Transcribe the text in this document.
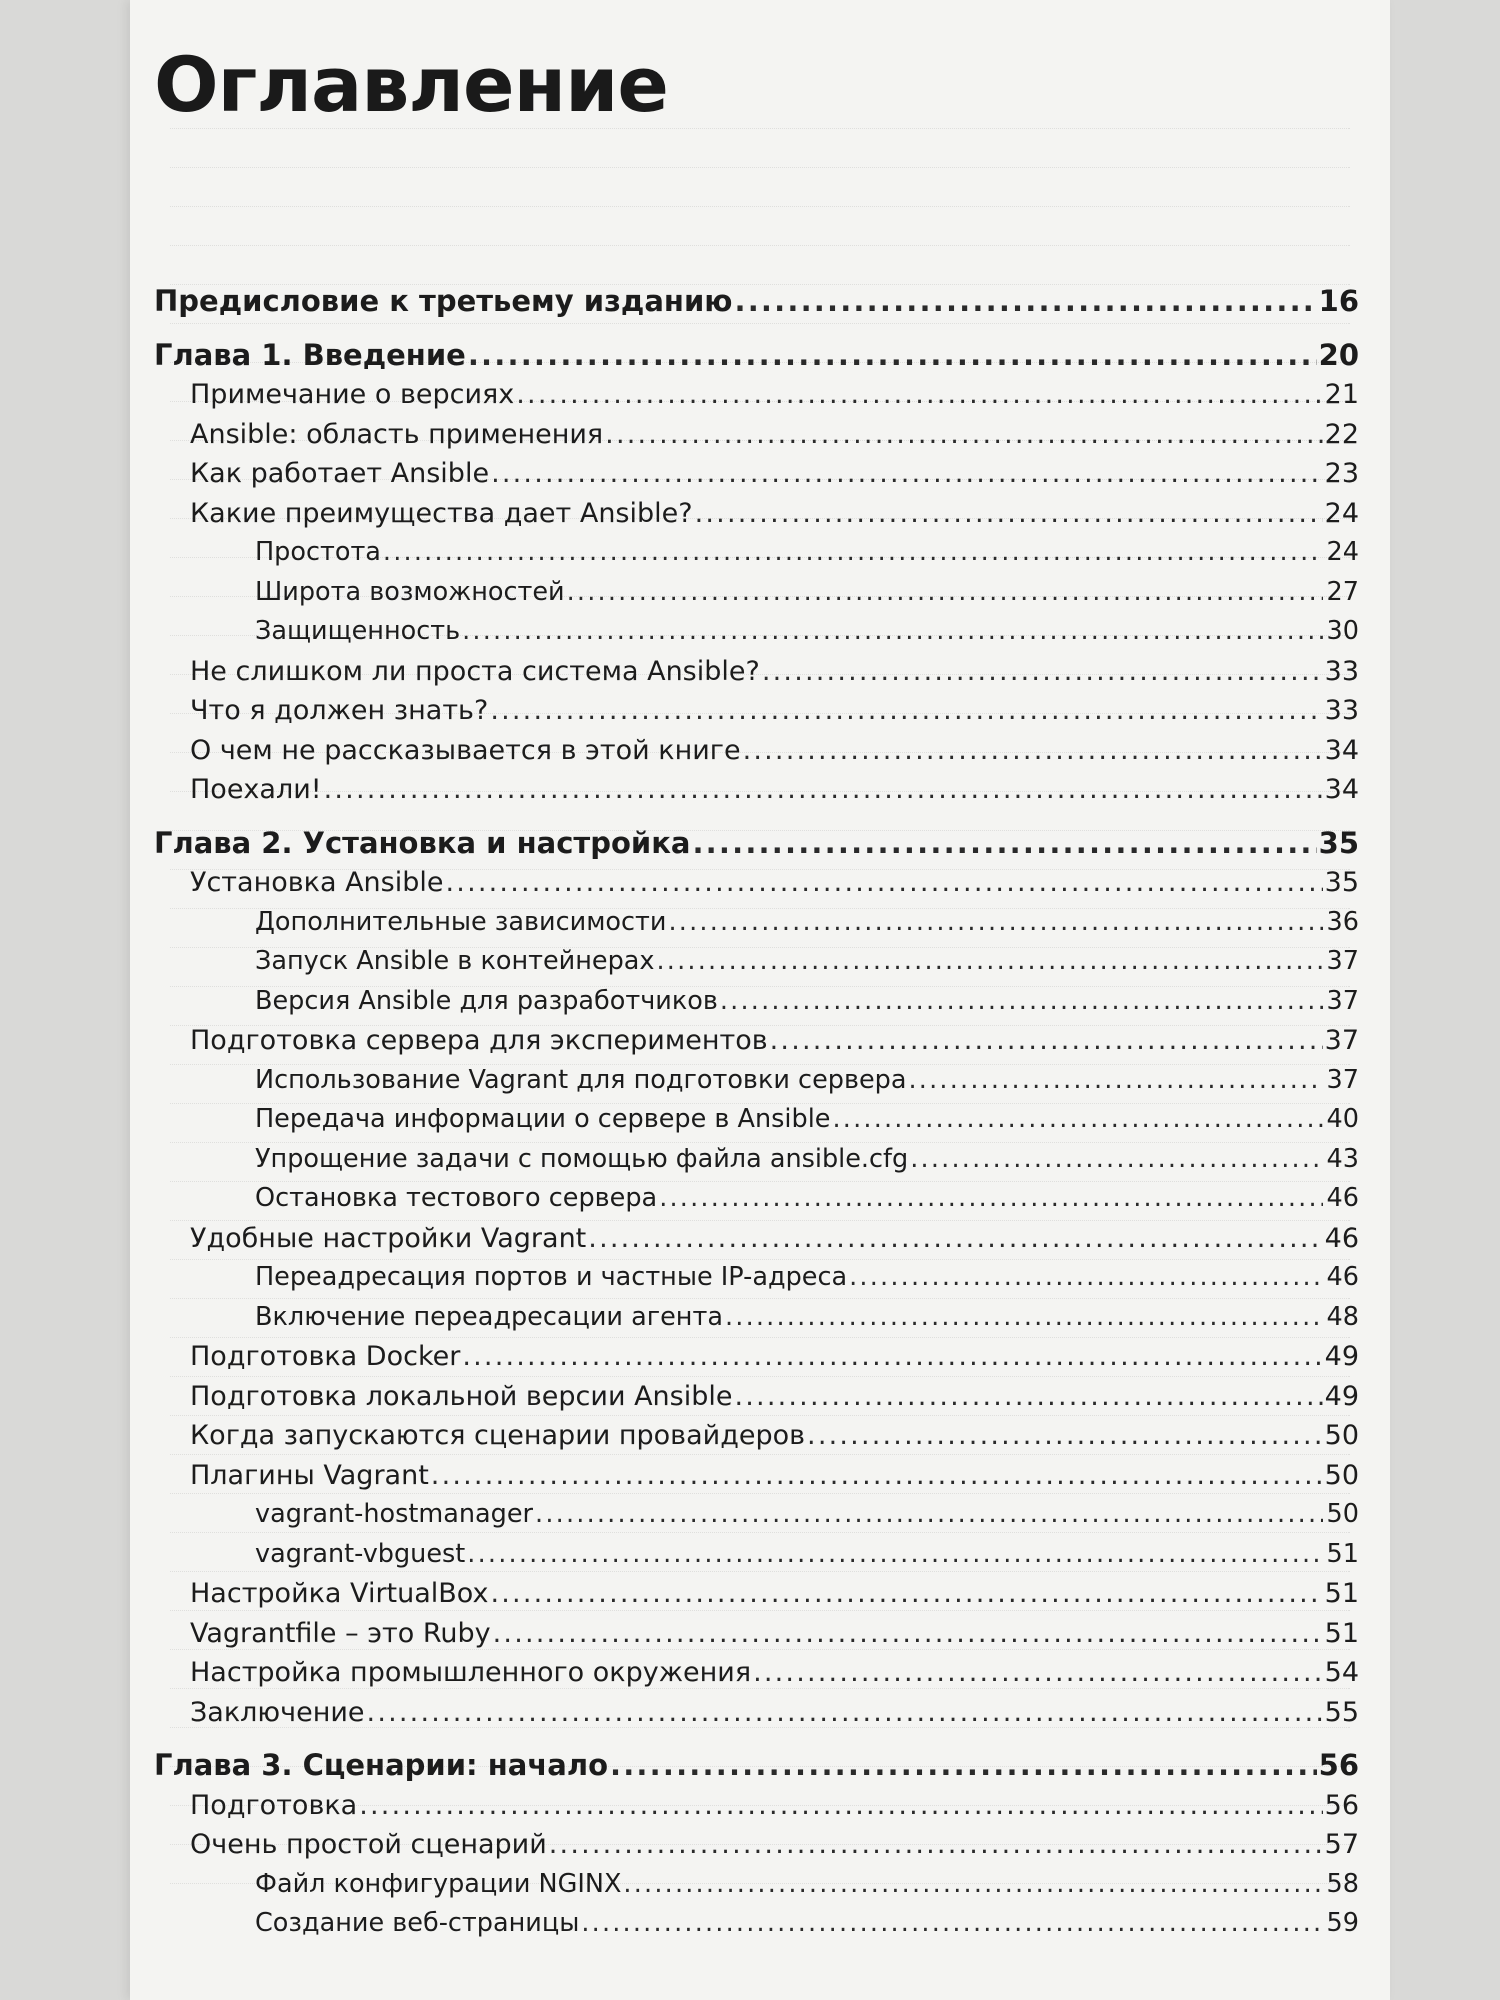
Оглавление
Предисловие к третьему изданию .....	16
Глава 1. Введение .....	20
Примечание о версиях .....	21
Ansible: область применения .....	22
Как работает Ansible .....	23
Какие преимущества дает Ansible? .....	24
Простота .....	24
Широта возможностей .....	27
Защищенность .....	30
Не слишком ли проста система Ansible? .....	33
Что я должен знать? .....	33
О чем не рассказывается в этой книге .....	34
Поехали! .....	34
Глава 2. Установка и настройка .....	35
Установка Ansible .....	35
Дополнительные зависимости .....	36
Запуск Ansible в контейнерах .....	37
Версия Ansible для разработчиков .....	37
Подготовка сервера для экспериментов .....	37
Использование Vagrant для подготовки сервера .....	37
Передача информации о сервере в Ansible .....	40
Упрощение задачи с помощью файла ansible.cfg .....	43
Остановка тестового сервера .....	46
Удобные настройки Vagrant .....	46
Переадресация портов и частные IP-адреса .....	46
Включение переадресации агента .....	48
Подготовка Docker .....	49
Подготовка локальной версии Ansible .....	49
Когда запускаются сценарии провайдеров .....	50
Плагины Vagrant .....	50
vagrant-hostmanager .....	50
vagrant-vbguest .....	51
Настройка VirtualBox .....	51
Vagrantfile – это Ruby .....	51
Настройка промышленного окружения .....	54
Заключение .....	55
Глава 3. Сценарии: начало .....	56
Подготовка .....	56
Очень простой сценарий .....	57
Файл конфигурации NGINX .....	58
Создание веб-страницы .....	59
